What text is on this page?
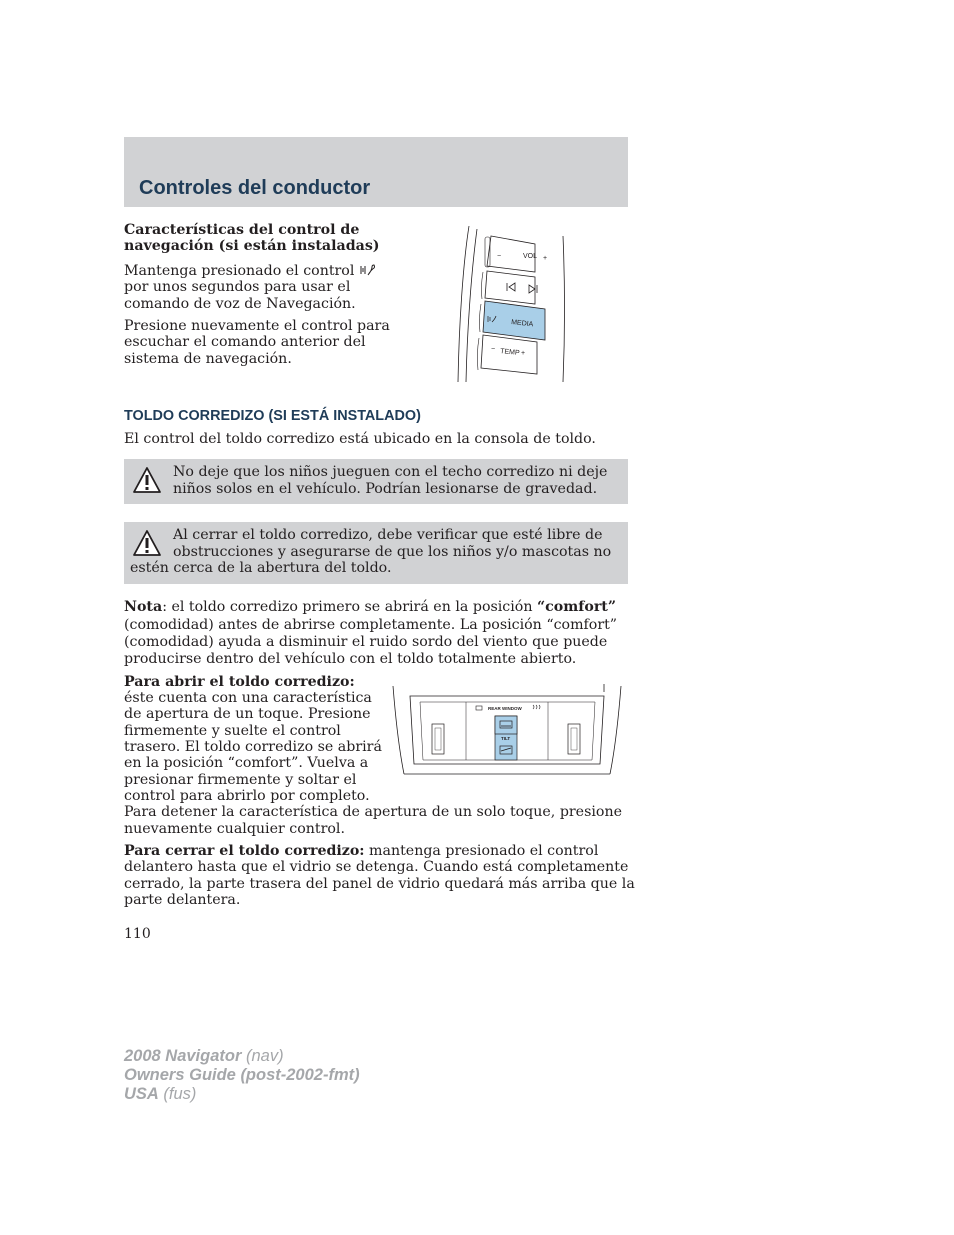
Controles del conductor

Características del control de

navegación (si están instaladas)

Mantenga presionado el control

por unos segundos para usar el

comando de voz de Navegación.

Presione nuevamente el control para

escuchar el comando anterior del

sistema de navegación.

−	VOL +
MEDIA
− TEMP +
TOLDO CORREDIZO (SI ESTÁ INSTALADO)

El control del toldo corredizo está ubicado en la consola de toldo.

No deje que los niños jueguen con el techo corredizo ni deje
niños solos en el vehículo. Podrían lesionarse de gravedad.
Al cerrar el toldo corredizo, debe verificar que esté libre de
obstrucciones y asegurarse de que los niños y/o mascotas no
estén cerca de la abertura del toldo.

Nota: el toldo corredizo primero se abrirá en la posición “comfort”

(comodidad) antes de abrirse completamente. La posición “comfort”

(comodidad) ayuda a disminuir el ruido sordo del viento que puede

producirse dentro del vehículo con el toldo totalmente abierto.

Para abrir el toldo corredizo:

éste cuenta con una característica

de apertura de un toque. Presione

firmemente y suelte el control

trasero. El toldo corredizo se abrirá

en la posición “comfort”. Vuelva a

presionar firmemente y soltar el

control para abrirlo por completo.

Para detener la característica de apertura de un solo toque, presione

nuevamente cualquier control.

REAR WINDOW
TILT

Para cerrar el toldo corredizo: mantenga presionado el control

delantero hasta que el vidrio se detenga. Cuando está completamente

cerrado, la parte trasera del panel de vidrio quedará más arriba que la

parte delantera.

110
2008 Navigator (nav)
Owners Guide (post-2002-fmt)
USA (fus)
